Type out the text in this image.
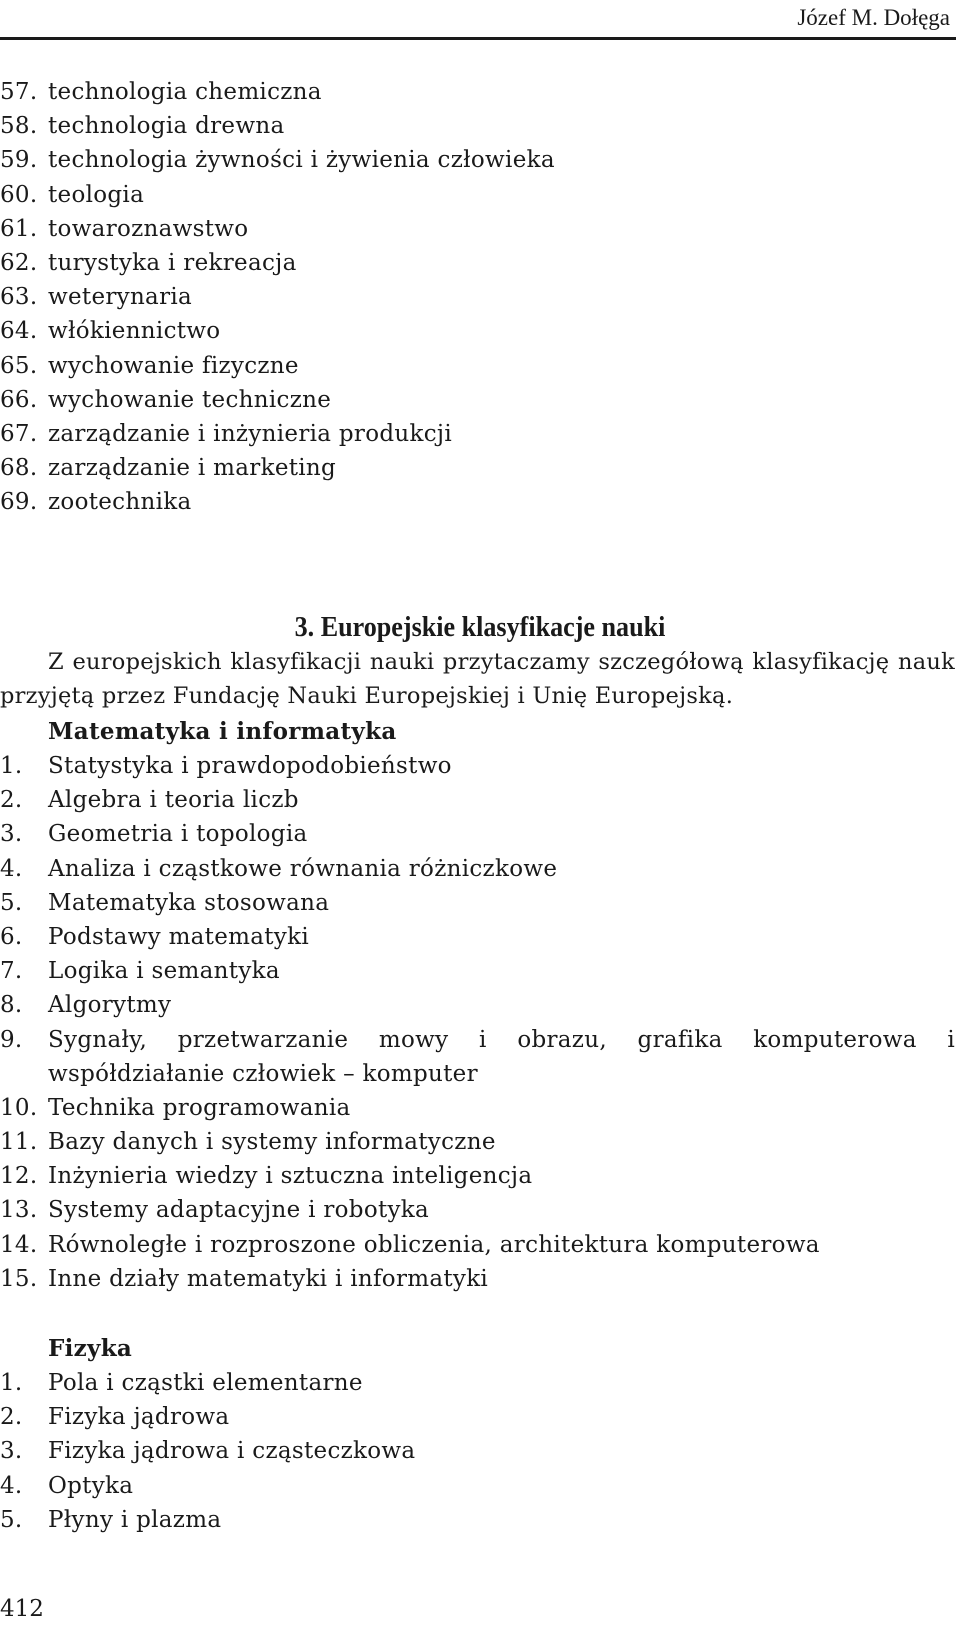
Józef M. Dołęga
57. technologia chemiczna
58. technologia drewna
59. technologia żywności i żywienia człowieka
60. teologia
61. towaroznawstwo
62. turystyka i rekreacja
63. weterynaria
64. włókiennictwo
65. wychowanie fizyczne
66. wychowanie techniczne
67. zarządzanie i inżynieria produkcji
68. zarządzanie i marketing
69. zootechnika
3. Europejskie klasyfikacje nauki

Z europejskich klasyfikacji nauki przytaczamy szczegółową klasyfikację nauk przyjętą przez Fundację Nauki Europejskiej i Unię Europejską.

Matematyka i informatyka
1. Statystyka i prawdopodobieństwo
2. Algebra i teoria liczb
3. Geometria i topologia
4. Analiza i cząstkowe równania różniczkowe
5. Matematyka stosowana
6. Podstawy matematyki
7. Logika i semantyka
8. Algorytmy
9.	Sygnały, przetwarzanie mowy i obrazu, grafika komputerowa i współdziałanie człowiek – komputer
10. Technika programowania
11. Bazy danych i systemy informatyczne
12. Inżynieria wiedzy i sztuczna inteligencja
13. Systemy adaptacyjne i robotyka
14. Równoległe i rozproszone obliczenia, architektura komputerowa
15. Inne działy matematyki i informatyki
Fizyka
1. Pola i cząstki elementarne
2. Fizyka jądrowa
3. Fizyka jądrowa i cząsteczkowa
4. Optyka
5. Płyny i plazma
412
